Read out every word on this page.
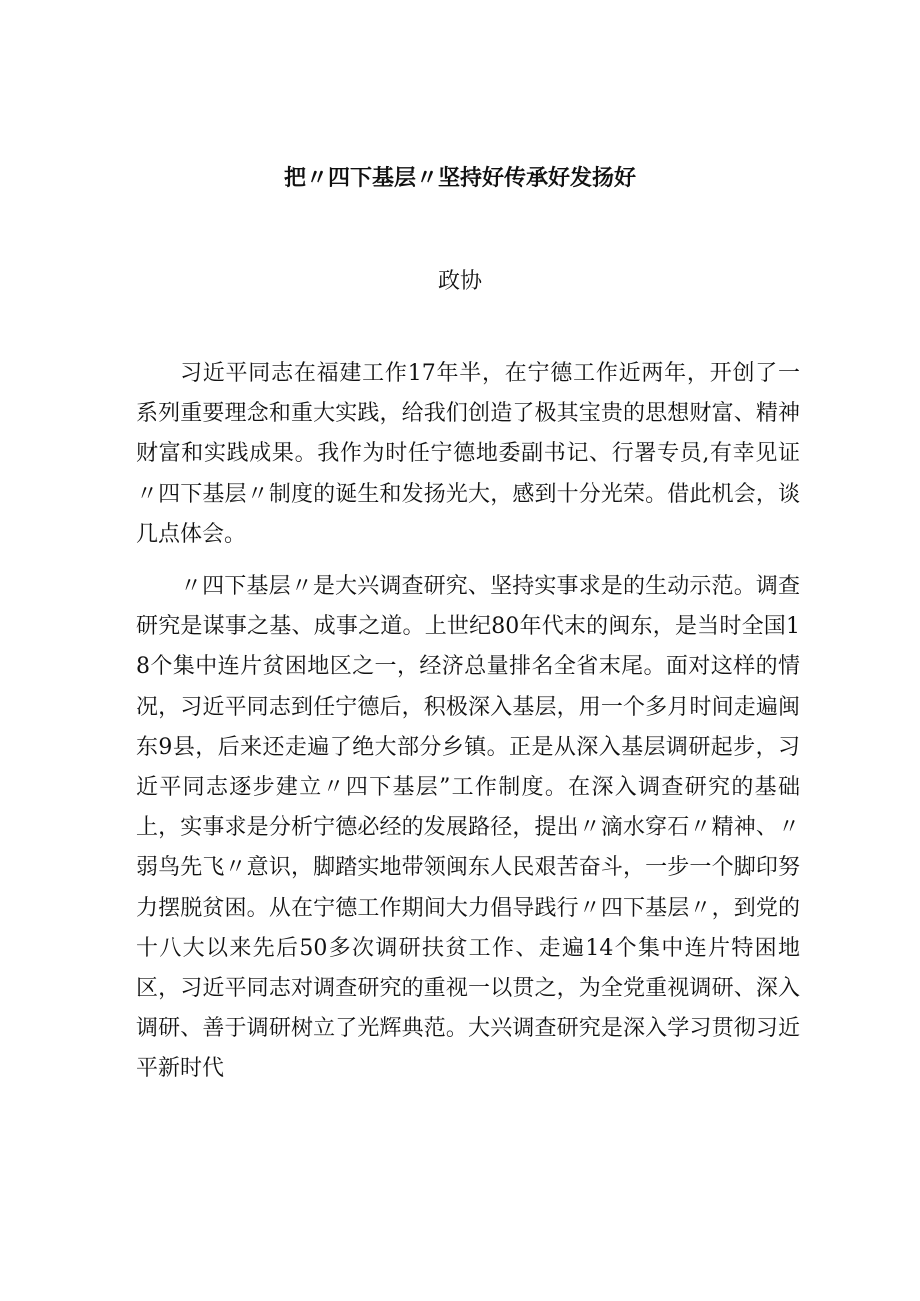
把〃四下基层〃坚持好传承好发扬好

政协

习近平同志在福建工作17年半，在宁德工作近两年，开创了一系列重要理念和重大实践，给我们创造了极其宝贵的思想财富、精神财富和实践成果。我作为时任宁德地委副书记、行署专员,有幸见证〃四下基层〃制度的诞生和发扬光大，感到十分光荣。借此机会，谈几点体会。

〃四下基层〃是大兴调查研究、坚持实事求是的生动示范。调查研究是谋事之基、成事之道。上世纪80年代末的闽东，是当时全国18个集中连片贫困地区之一，经济总量排名全省末尾。面对这样的情况，习近平同志到任宁德后，积极深入基层，用一个多月时间走遍闽东9县，后来还走遍了绝大部分乡镇。正是从深入基层调研起步，习近平同志逐步建立〃四下基层”工作制度。在深入调查研究的基础上，实事求是分析宁德必经的发展路径，提出〃滴水穿石〃精神、〃弱鸟先飞〃意识，脚踏实地带领闽东人民艰苦奋斗，一步一个脚印努力摆脱贫困。从在宁德工作期间大力倡导践行〃四下基层〃，到党的十八大以来先后50多次调研扶贫工作、走遍14个集中连片特困地区，习近平同志对调查研究的重视一以贯之，为全党重视调研、深入调研、善于调研树立了光辉典范。大兴调查研究是深入学习贯彻习近平新时代
